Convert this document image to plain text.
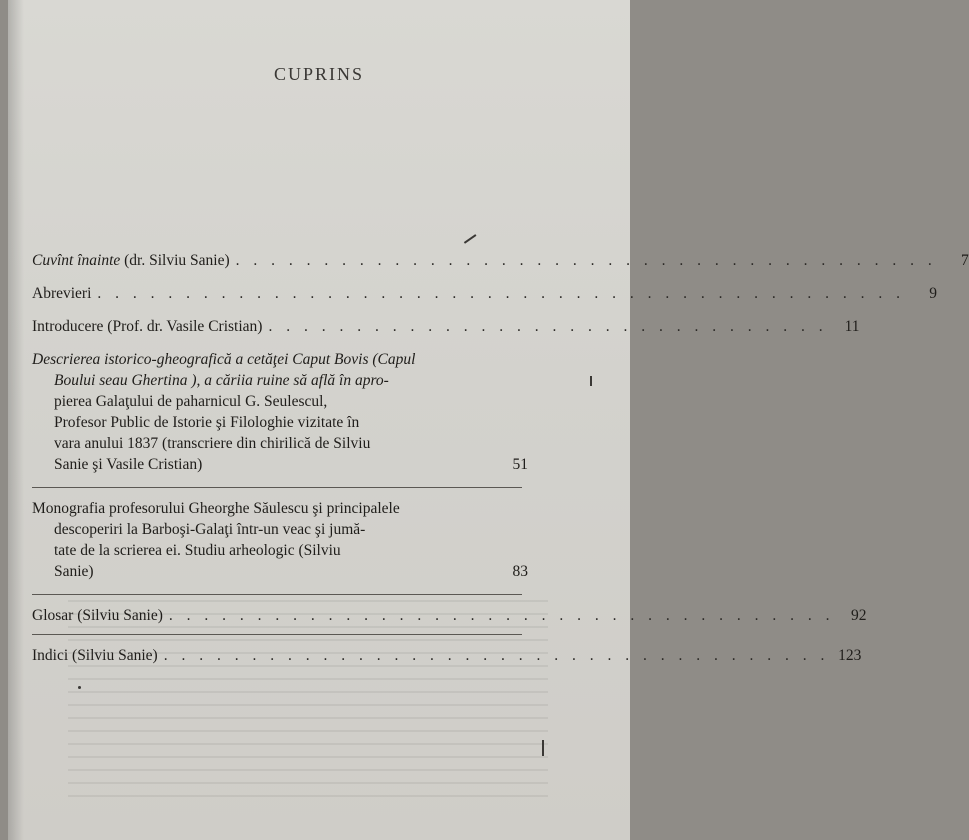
CUPRINS
Cuvînt înainte (dr. Silviu Sanie) . . . . . . . . . . . . . . . . . . . . . . . . . . . . . . . . . . . . . . . .	7
Abrevieri . . . . . . . . . . . . . . . . . . . . . . . . . . . . . . . . . . . . . . . . . . . . . .	9
Introducere (Prof. dr. Vasile Cristian) . . . . . . . . . . . . . . . . . . . . . . . . . . . . . . . .	11
Descrierea istorico-gheografică a cetăţei Caput Bovis (Capul
Boului seau Ghertina ), a căriia ruine să află în apro-
pierea Galaţului de paharnicul G. Seulescul,
Profesor Public de Istorie şi Filologhie vizitate în
vara anului 1837 (transcriere din chirilică de Silviu
Sanie şi Vasile Cristian)	51
Monografia profesorului Gheorghe Săulescu şi principalele
descoperiri la Barboşi-Galaţi într-un veac şi jumă-
tate de la scrierea ei. Studiu arheologic (Silviu
Sanie)	83
Glosar (Silviu Sanie) . . . . . . . . . . . . . . . . . . . . . . . . . . . . . . . . . . . . . .	92
Indici (Silviu Sanie) . . . . . . . . . . . . . . . . . . . . . . . . . . . . . . . . . . . . . . 123
